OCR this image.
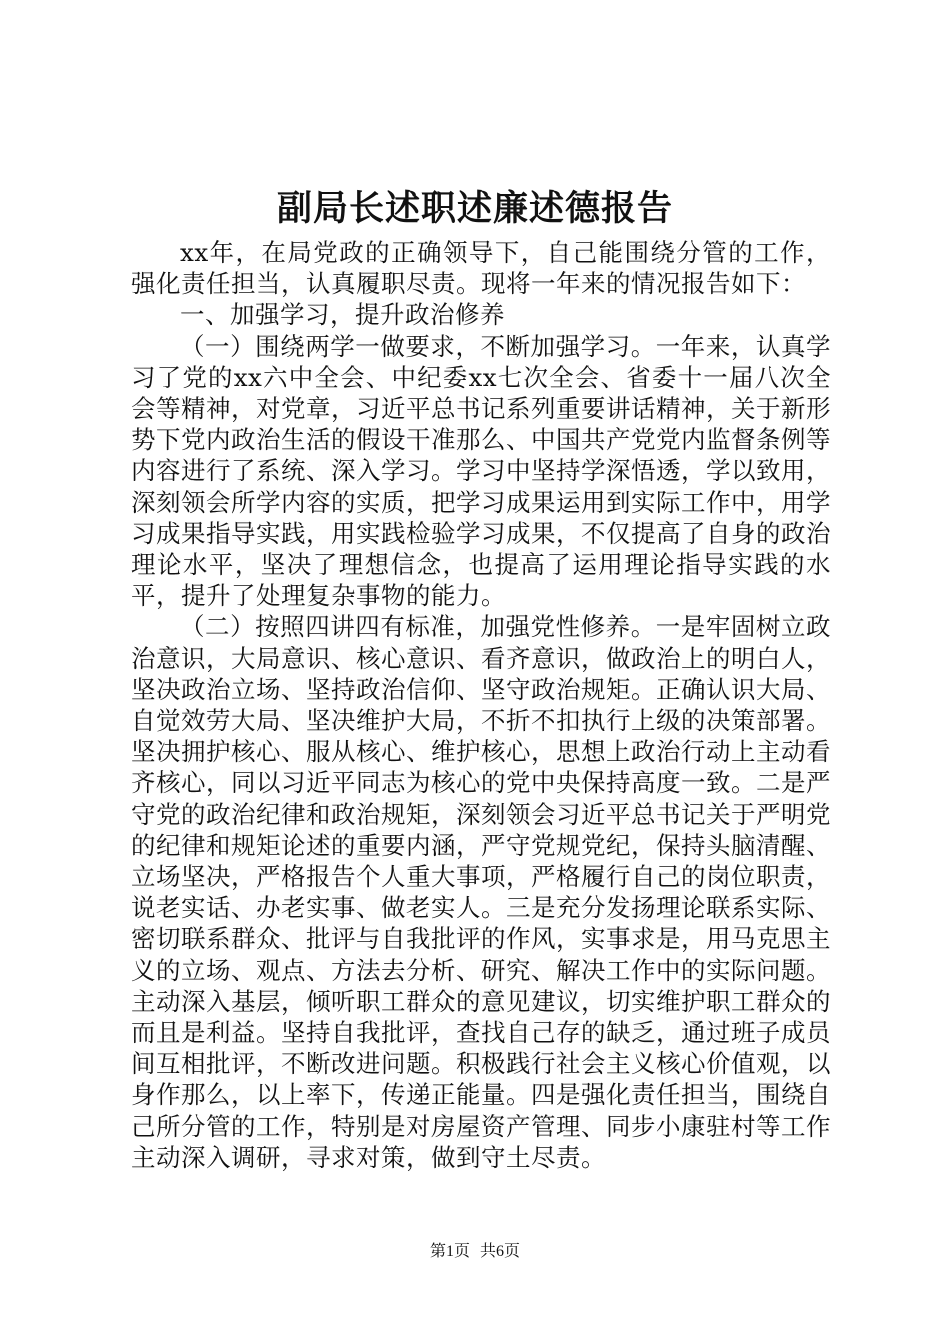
副局长述职述廉述德报告

xx年，在局党政的正确领导下，自己能围绕分管的工作，强化责任担当，认真履职尽责。现将一年来的情况报告如下：

一、加强学习，提升政治修养

（一）围绕两学一做要求，不断加强学习。一年来，认真学习了党的xx六中全会、中纪委xx七次全会、省委十一届八次全会等精神，对党章，习近平总书记系列重要讲话精神，关于新形势下党内政治生活的假设干准那么、中国共产党党内监督条例等内容进行了系统、深入学习。学习中坚持学深悟透，学以致用，深刻领会所学内容的实质，把学习成果运用到实际工作中，用学习成果指导实践，用实践检验学习成果，不仅提高了自身的政治理论水平，坚决了理想信念，也提高了运用理论指导实践的水平，提升了处理复杂事物的能力。

（二）按照四讲四有标准，加强党性修养。一是牢固树立政治意识，大局意识、核心意识、看齐意识，做政治上的明白人，坚决政治立场、坚持政治信仰、坚守政治规矩。正确认识大局、自觉效劳大局、坚决维护大局，不折不扣执行上级的决策部署。坚决拥护核心、服从核心、维护核心，思想上政治行动上主动看齐核心，同以习近平同志为核心的党中央保持高度一致。二是严守党的政治纪律和政治规矩，深刻领会习近平总书记关于严明党的纪律和规矩论述的重要内涵，严守党规党纪，保持头脑清醒、立场坚决，严格报告个人重大事项，严格履行自己的岗位职责，说老实话、办老实事、做老实人。三是充分发扬理论联系实际、密切联系群众、批评与自我批评的作风，实事求是，用马克思主义的立场、观点、方法去分析、研究、解决工作中的实际问题。主动深入基层，倾听职工群众的意见建议，切实维护职工群众的而且是利益。坚持自我批评，查找自己存的缺乏，通过班子成员间互相批评，不断改进问题。积极践行社会主义核心价值观，以身作那么，以上率下，传递正能量。四是强化责任担当，围绕自己所分管的工作，特别是对房屋资产管理、同步小康驻村等工作主动深入调研，寻求对策，做到守土尽责。

第1页 共6页
